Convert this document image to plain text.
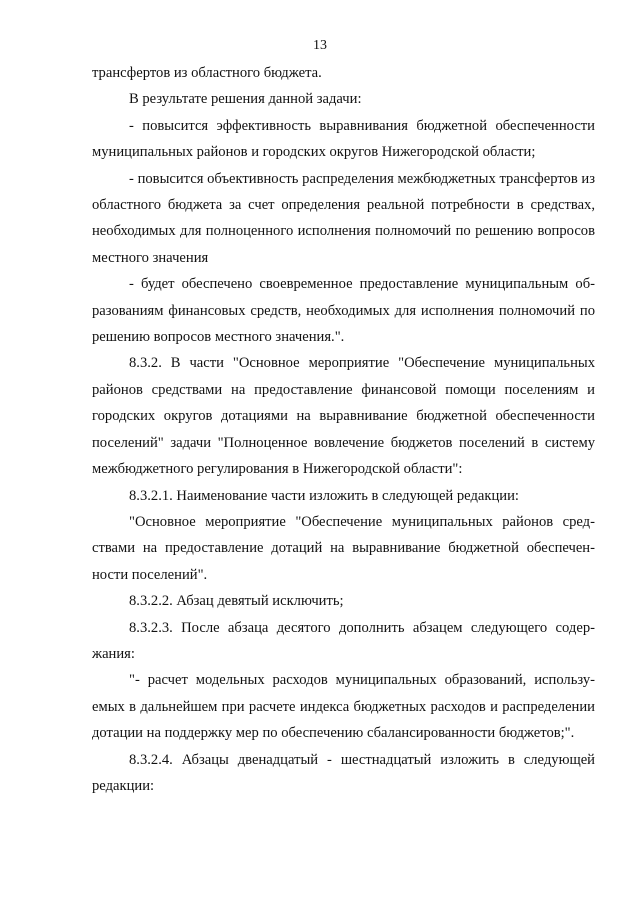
13

трансфертов из областного бюджета.

В результате решения данной задачи:

- повысится эффективность выравнивания бюджетной обеспеченности муниципальных районов и городских округов Нижегородской области;

- повысится объективность распределения межбюджетных трансфертов из областного бюджета за счет определения реальной потребности в средствах, необходимых для полноценного исполнения полномочий по решению вопросов местного значения

- будет обеспечено своевременное предоставление муниципальным образованиям финансовых средств, необходимых для исполнения полномочий по решению вопросов местного значения.".

8.3.2. В части "Основное мероприятие "Обеспечение муниципальных районов средствами на предоставление финансовой помощи поселениям и городских округов дотациями на выравнивание бюджетной обеспеченности поселений" задачи "Полноценное вовлечение бюджетов поселений в систему межбюджетного регулирования в Нижегородской области":

8.3.2.1. Наименование части изложить в следующей редакции:

"Основное мероприятие "Обеспечение муниципальных районов средствами на предоставление дотаций на выравнивание бюджетной обеспеченности поселений".

8.3.2.2. Абзац девятый исключить;

8.3.2.3. После абзаца десятого дополнить абзацем следующего содержания:

"- расчет модельных расходов муниципальных образований, используемых в дальнейшем при расчете индекса бюджетных расходов и распределении дотации на поддержку мер по обеспечению сбалансированности бюджетов;".

8.3.2.4. Абзацы двенадцатый - шестнадцатый изложить в следующей редакции:
